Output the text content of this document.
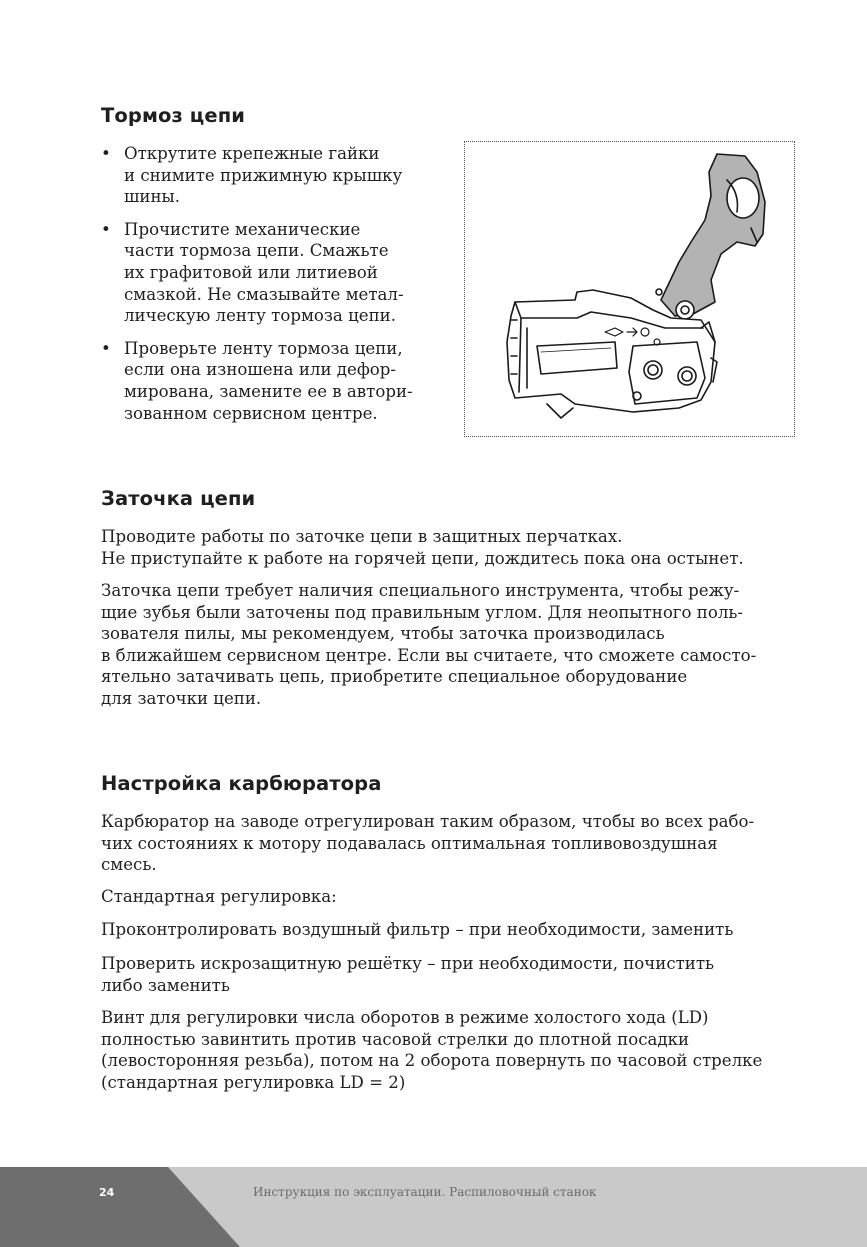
Тормоз цепи
• Открутите крепежные гайки
и снимите прижимную крышку
шины.
• Прочистите механические
части тормоза цепи. Смажьте
их графитовой или литиевой
смазкой. Не смазывайте метал-
лическую ленту тормоза цепи.
• Проверьте ленту тормоза цепи,
если она изношена или дефор-
мирована, замените ее в автори-
зованном сервисном центре.
Заточка цепи

Проводите работы по заточке цепи в защитных перчатках.
Не приступайте к работе на горячей цепи, дождитесь пока она остынет.

Заточка цепи требует наличия специального инструмента, чтобы режу-
щие зубья были заточены под правильным углом. Для неопытного поль-
зователя пилы, мы рекомендуем, чтобы заточка производилась
в ближайшем сервисном центре. Если вы считаете, что сможете самосто-
ятельно затачивать цепь, приобретите специальное оборудование
для заточки цепи.

Настройка карбюратора

Карбюратор на заводе отрегулирован таким образом, чтобы во всех рабо-
чих состояниях к мотору подавалась оптимальная топливовоздушная
смесь.

Стандартная регулировка:

Проконтролировать воздушный фильтр – при необходимости, заменить

Проверить искрозащитную решётку – при необходимости, почистить
либо заменить

Винт для регулировки числа оборотов в режиме холостого хода (LD)
полностью завинтить против часовой стрелки до плотной посадки
(левосторонняя резьба), потом на 2 оборота повернуть по часовой стрелке
(стандартная регулировка LD = 2)

24	Инструкция по эксплуатации. Распиловочный станок
